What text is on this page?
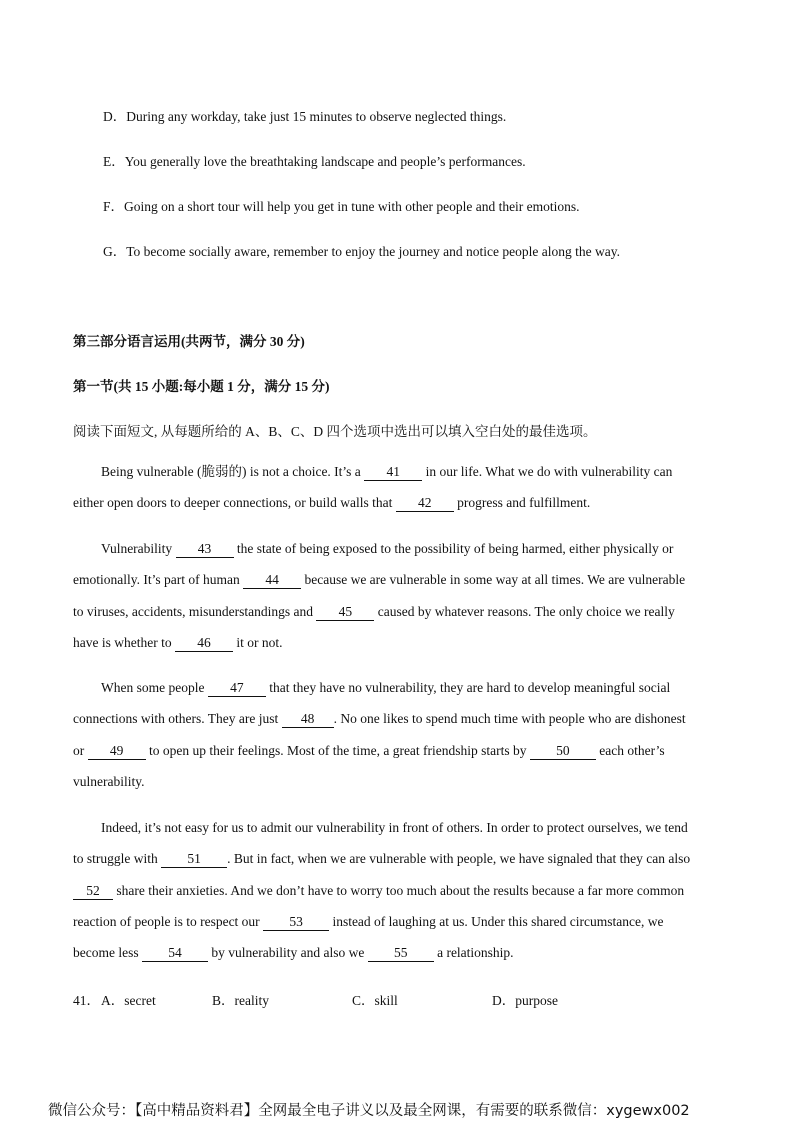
D．During any workday, take just 15 minutes to observe neglected things.
E．You generally love the breathtaking landscape and people’s performances.
F．Going on a short tour will help you get in tune with other people and their emotions.
G．To become socially aware, remember to enjoy the journey and notice people along the way.
第三部分语言运用(共两节，满分 30 分)
第一节(共 15 小题:每小题 1 分，满分 15 分)
阅读下面短文, 从每题所给的 A、B、C、D 四个选项中选出可以填入空白处的最佳选项。
Being vulnerable (脆弱的) is not a choice. It’s a 41 in our life. What we do with vulnerability can
either open doors to deeper connections, or build walls that 42 progress and fulfillment.
Vulnerability 43 the state of being exposed to the possibility of being harmed, either physically or
emotionally. It’s part of human 44 because we are vulnerable in some way at all times. We are vulnerable
to viruses, accidents, misunderstandings and 45 caused by whatever reasons. The only choice we really
have is whether to 46 it or not.
When some people 47 that they have no vulnerability, they are hard to develop meaningful social
connections with others. They are just 48 . No one likes to spend much time with people who are dishonest
or 49 to open up their feelings. Most of the time, a great friendship starts by 50 each other’s
vulnerability.
Indeed, it’s not easy for us to admit our vulnerability in front of others. In order to protect ourselves, we tend
to struggle with 51 . But in fact, when we are vulnerable with people, we have signaled that they can also
52 share their anxieties. And we don’t have to worry too much about the results because a far more common
reaction of people is to respect our 53 instead of laughing at us. Under this shared circumstance, we
become less 54 by vulnerability and also we 55 a relationship.
41． A．secret	B．reality	C．skill	D．purpose
微信公众号：【高中精品资料君】全网最全电子讲义以及最全网课，有需要的联系微信：xygewx002
